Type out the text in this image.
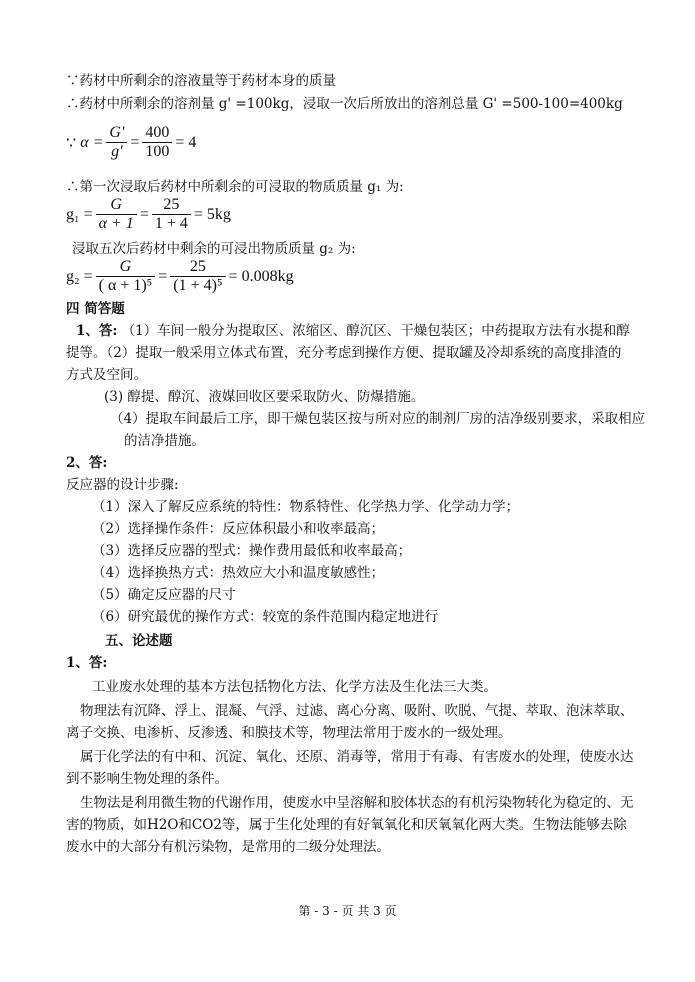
∵药材中所剩余的溶液量等于药材本身的质量
∴药材中所剩余的溶剂量 g' =100kg，浸取一次后所放出的溶剂总量 G' =500-100=400kg
∵ $\alpha = \frac{G'}{g'} = \frac{400}{100} = 4$
∴第一次浸取后药材中所剩余的可浸取的物质质量 g₁ 为:
$g_1 = \frac{G}{\alpha + 1} = \frac{25}{1 + 4} = 5kg$
浸取五次后药材中剩余的可浸出物质质量 g₂ 为:
$g_2 = \frac{G}{\text{( α + 1)⁵}} = \frac{25}{\text{(1 + 4)⁵}} = 0.008kg$
四 简答题
1、答: （1）车间一般分为提取区、浓缩区、醇沉区、干燥包装区；中药提取方法有水提和醇提等。（2）提取一般采用立体式布置，充分考虑到操作方便、提取罐及冷却系统的高度排渣的方式及空间。
(3) 醇提、醇沉、液媒回收区要采取防火、防爆措施。
（4）提取车间最后工序，即干燥包装区按与所对应的制剂厂房的洁净级别要求，采取相应的洁净措施。
2、答:
反应器的设计步骤:
（1）深入了解反应系统的特性：物系特性、化学热力学、化学动力学；
（2）选择操作条件：反应体积最小和收率最高；
（3）选择反应器的型式：操作费用最低和收率最高；
（4）选择换热方式：热效应大小和温度敏感性；
（5）确定反应器的尺寸
（6）研究最优的操作方式：较宽的条件范围内稳定地进行
五、论述题
1、答:
工业废水处理的基本方法包括物化方法、化学方法及生化法三大类。
物理法有沉降、浮上、混凝、气浮、过滤、离心分离、吸附、吹脱、气提、萃取、泡沫萃取、离子交换、电渗析、反渗透、和膜技术等，物理法常用于废水的一级处理。
属于化学法的有中和、沉淀、氧化、还原、消毒等，常用于有毒、有害废水的处理，使废水达到不影响生物处理的条件。
生物法是利用微生物的代谢作用，使废水中呈溶解和胶体状态的有机污染物转化为稳定的、无害的物质，如H2O和CO2等，属于生化处理的有好氧氧化和厌氧氧化两大类。生物法能够去除废水中的大部分有机污染物，是常用的二级分处理法。
第 - 3 - 页 共 3 页
